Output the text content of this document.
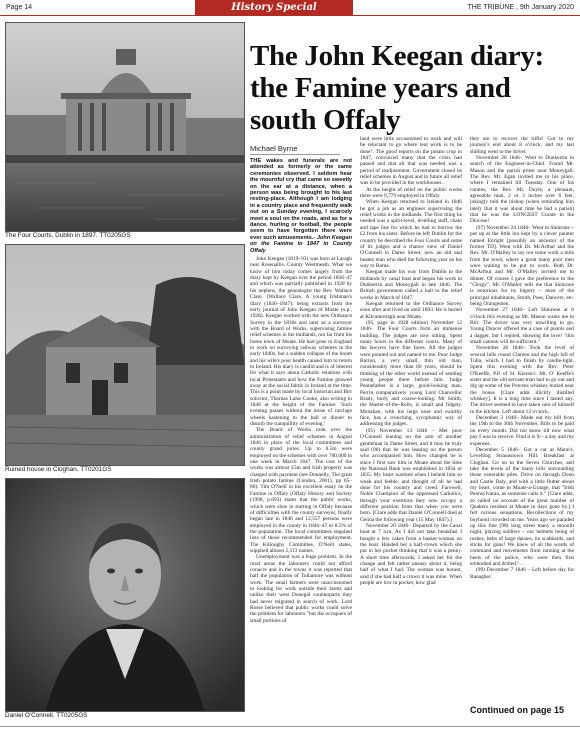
Page 14	History Special	THE TRIBUNE , 9th January 2020
The Four Courts, Dublin in 1897. TT0205GS
Ruined house in Cloghan. TT0201GS
Daniel O'Connell. TT0205GS
The John Keegan diary: the Famine years and south Offaly
Michael Byrne
THE wakes and funerals are not attended as formerly or the same ceremonies observed. I seldom hear the mournful cry that came so sweetly on the ear at a distance, when a person was being brought to his last resting-place. Although I am lodging in a country place and frequently walk out on a Sunday evening, I scarcely meet a soul on the roads, and as for a dance, hurling or football, the people seem to have forgotten there were ever such amusements.- John Keegan on the Famine in 1847 in County Offaly

John Keegan (1819–93) was born at Laragh near Rosenallis, County Westmeath. What we know of him today comes largely from the diary kept by Keegan over the period 1836–47 and which was partially published in 1928 by his nephew, the genealogist the Rev. Wallace Clare. (Wallace Clare, A young Irishman's diary (1836–1847): being extracts from the early journal of John Keegan of Moate (n.p., 1928). Keegan worked with the new Ordnance Survey in the 1830s and later as a surveyor with the Board of Works, supervising famine relief schemes in the midlands, not far from his home town of Moate. He had gone to England to work on surveying railway schemes in the early 1840s, but a sudden collapse of the boom and his wife's poor health caused him to return to Ireland. His diary is candid and is of interest for what it says about Catholic relations with local Protestants and how the Famine gnawed away at the social fabric in Ireland at the time. This is a point made by local historian and Birr solicitor, Thomas Lalor Cooke, also writing in 1846 at the height of the Famine: 'Such evening passes without the noise of carriage wheels hastening to the ball or dinner to disturb the tranquillity of evening.'

The Board of Works took over the administration of relief schemes in August 1846 in place of the local committees and county grand juries. Up to 0.5m were employed on the schemes with over 700,000 in one week in March 1847. The cost of the works was almost £5m and Irish property was charged with payment (see Donnelly, The great Irish potato famine (London, 2001), pp 65–80). Tim O'Neill in his excellent essay on the Famine in Offaly (Offaly History and Society (1998, p.693) states that the public works, which were slow in starting in Offaly because of difficulties with the county surveyor, finally began late in 1846 and 12,557 persons were employed in the county in 1846–47 or 8.5% of the population. The local committees supplied lists of those recommended for employment. The Killoughy Committee, O'Neill states, supplied almost 2,313 names.

Unemployment was a huge problem. In the rural areas the labourers could not afford conacre and in the towns it was reported that half the population of Tullamore was without work. The small farmers were unaccustomed to looking for work outside their farms and unlike their west Donegal counterparts they had never migrated in search of work. Lord Rosse believed that public works could solve the problem for labourers "but the occupiers of small portions of

land were little accustomed to work and will be reluctant to go where real work is to be done". The good reports on the potato crop in 1847, convinced many that the crisis had passed and that all that was needed was a period of readjustment. Government closed its relief schemes in August and in future all relief was to be provided in the workhouses. .

At the height of relief on the public works there were 9,779 employed in Offaly.

When Keegan returned to Ireland in 1846 he got a job as an engineer supervising the relief works in the midlands. The first thing he needed was a spirit-level, levelling staff, chain and tape line for which he had to borrow the £2 from his sister. Before he left Dublin for the country he described the Four Courts and some of its judges and a chance view of Daniel O'Connell in Dame Street, now an old and beaten man who died the following year on his way to Rome.

Keegan made his way from Dublin to the midlands by canal boat and began his work in Dunkerrin and Moneygall in late 1846. The British government called a halt to the relief works in March of 1847.

Keegan returned to the Ordnance Survey soon after and lived on until 1893. He is buried at Kilcumreragh near Moate.

(95, page in 1928 edition) November 12 1846– The Four Courts form an immense building. The judges are now sitting. Spent many hours in the different courts. Many of the lawyers have fine faces. All the judges were pointed out and named to me. Poor Judge Burton, a very small, thin old man, considerably more than 80 years, should be thinking of the other world instead of sending young people there before him. Judge Pennefather is a large, good-looking man. Perrin comparatively young Lord Chancellor Brady, burly and coarse-looking. Mr Smith, the Master-of-the-Rolls, is small and fidgety. Monahan, with his large nose and swarthy face, has a crouching, sycophantic way of addressing the judges.

(95) November 13 1846 – Met poor O'Connell leaning on the arm of another gentleman in Dame Street, and it may be truly said (96) that he was leaning on the person who accompanied him. How changed he is since I first saw him in Moate about the time the National Bank was established in 1834 or 1835. My heart warmed when I beheld him so weak and feeble, and thought of all he had done for his country and creed. Farewell, Noble Champion of the oppressed Catholics, through your exertions they now occupy a different position from that when you were born. [Clare adds that Daniel O'Connell died at Genoa the following year (15 May 1847).]

November 20 1846– Departed by the Canal boat at 7 a.m. As I did not take breakfast I bought a few cakes from a basket-woman on the boat. Handed her a half-crown which she put in her pocket thinking that it was a penny. A short time afterwards, I asked her for the change and felt rather uneasy about it, being half of what I had. The woman was honest, said if she had half a crown it was mine. When people are low in pocket, how glad

they are to recover the trifle! Got to my journey's end about 8 o'clock, and my last shilling went to the driver.

November 20 1846– Went to Dunkerrin in search of the Engineer-in-Chief. Found Mr. Mason and the parish priest near Moneygall. The Rev. Mr. Egan invited me to his place, where I remained till Tuesday. One of his curates, the Rev. Mr. Doyle, a pleasant, agreeable man, 2 or 3 inches over 6 feet, jokingly told the bishop (when reminding him lately that it was about time he had a parish) that he was the LONGEST Curate in the Diocese!

(97) November 24 1846– Went to Shinrone – put up at the little inn kept by a clever painter named Enright [possibly an ancestor of the former TD]. Went with Dr. McArthur and the Rev. Mr. O'Malley to lay out some work a mile from the town, where a great many poor men were waiting to be put to work. Both Dr. McArthur and Mr. O'Malley invited me to dinner. Of course I gave the preference to the "Clergy". Mr. O'Malley tells me that Shinrone is notorious for its bigotry – most of the principal inhabitants, Smith, Poes, Dancers, etc. being Orangemen.

November 27 1846– Left Shinrone at 8 o'clock this evening as Mr. Mason wants me in Birr. The driver was very unwilling to go. Young Duncer offered me a case of pistols and a dagger, but I replied, showing the love! "this small cannon will be sufficient."

November 28 1846– Took the level of several hills round Clareen and the high hill of Tulla, which I had to finish by candle-light. Spent this evening with the Rev. Peter O'Keeffe, P.P. of St. Kieran's. Mr. O' Keeffe's sister and the old servant-man had to go out and dig up some of the Potcens whiskey buried near the house [Clare adds illicitly distilled whiskey]. It is a long time since I tasted any. The driver seemed to have taken care of himself in the kitchen. Left about 12 o'clock.

December 3 1846– Made out my bill from the 19th to the 30th November. Bills to be paid on every month. Did not know till now what pay I was to receive. Find it is 9/– a day and my expenses.

December 5 1846– Got a car at Mann's. Levelling Straunstown Hill. Breakfast at Cloghan. Go on to the Seven Churches, and take the levels of the many hills surrounding those venerable piles. Drive on through Doon and Castle Daly, and with a little flutter about my heart, come to Moate-a-Grange, that "Irish Pennsylvania, as someone calls it." [Clare adds, so called on account of the great number of Quakers resident at Moate in days gone by.] I felt curious sensations. Recollections of my boyhood crowded on me. Years ago we paraded up this fine (98) long street many a moonlit night, playing soldiers – our helmets being of rushes, belts of large daisies, tin scabbards, and sticks for guns! We knew of all the words of command and movements from running at the heels of the police, who were then first embodied and drilled.! . .

(99) December 7 1846 – Left before day for Banagher.

Continued on page 15
